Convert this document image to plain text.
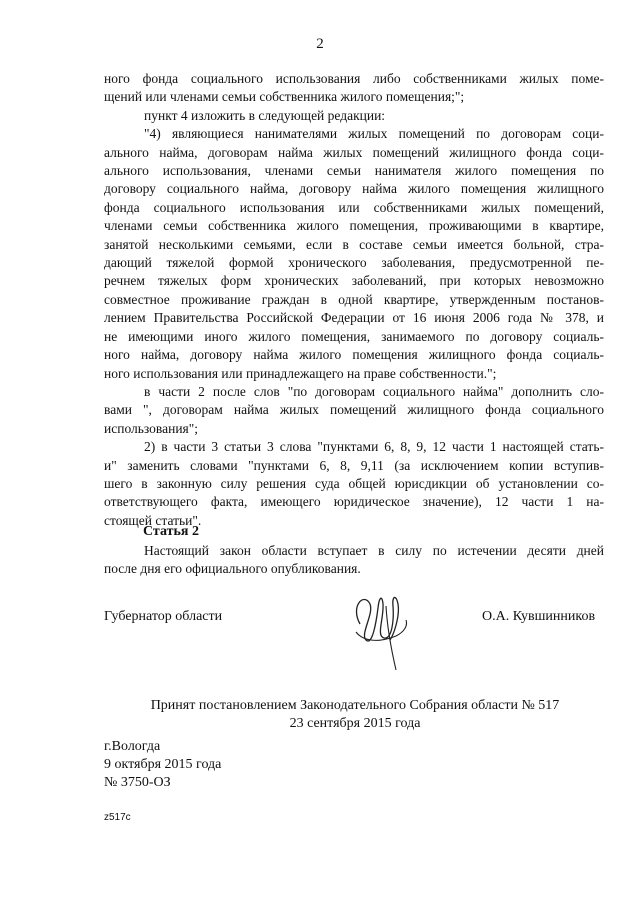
2

ного фонда социального использования либо собственниками жилых поме-
щений или членами семьи собственника жилого помещения;";

пункт 4 изложить в следующей редакции:

"4) являющиеся нанимателями жилых помещений по договорам соци-
ального найма, договорам найма жилых помещений жилищного фонда соци-
ального использования, членами семьи нанимателя жилого помещения по
договору социального найма, договору найма жилого помещения жилищного
фонда социального использования или собственниками жилых помещений,
членами семьи собственника жилого помещения, проживающими в квартире,
занятой несколькими семьями, если в составе семьи имеется больной, стра-
дающий тяжелой формой хронического заболевания, предусмотренной пе-
речнем тяжелых форм хронических заболеваний, при которых невозможно
совместное проживание граждан в одной квартире, утвержденным постанов-
лением Правительства Российской Федерации от 16 июня 2006 года № 378, и
не имеющими иного жилого помещения, занимаемого по договору социаль-
ного найма, договору найма жилого помещения жилищного фонда социаль-
ного использования или принадлежащего на праве собственности.";

в части 2 после слов "по договорам социального найма" дополнить сло-
вами ", договорам найма жилых помещений жилищного фонда социального
использования";

2) в части 3 статьи 3 слова "пунктами 6, 8, 9, 12 части 1 настоящей стать-
и" заменить словами "пунктами 6, 8, 9,11 (за исключением копии вступив-
шего в законную силу решения суда общей юрисдикции об установлении со-
ответствующего факта, имеющего юридическое значение), 12 части 1 на-
стоящей статьи".

Статья 2

Настоящий закон области вступает в силу по истечении десяти дней
после дня его официального опубликования.

Губернатор области	О.А. Кувшинников
Принят постановлением Законодательного Собрания области № 517
23 сентября 2015 года
г.Вологда
9 октября 2015 года
№ 3750-ОЗ
z517c
